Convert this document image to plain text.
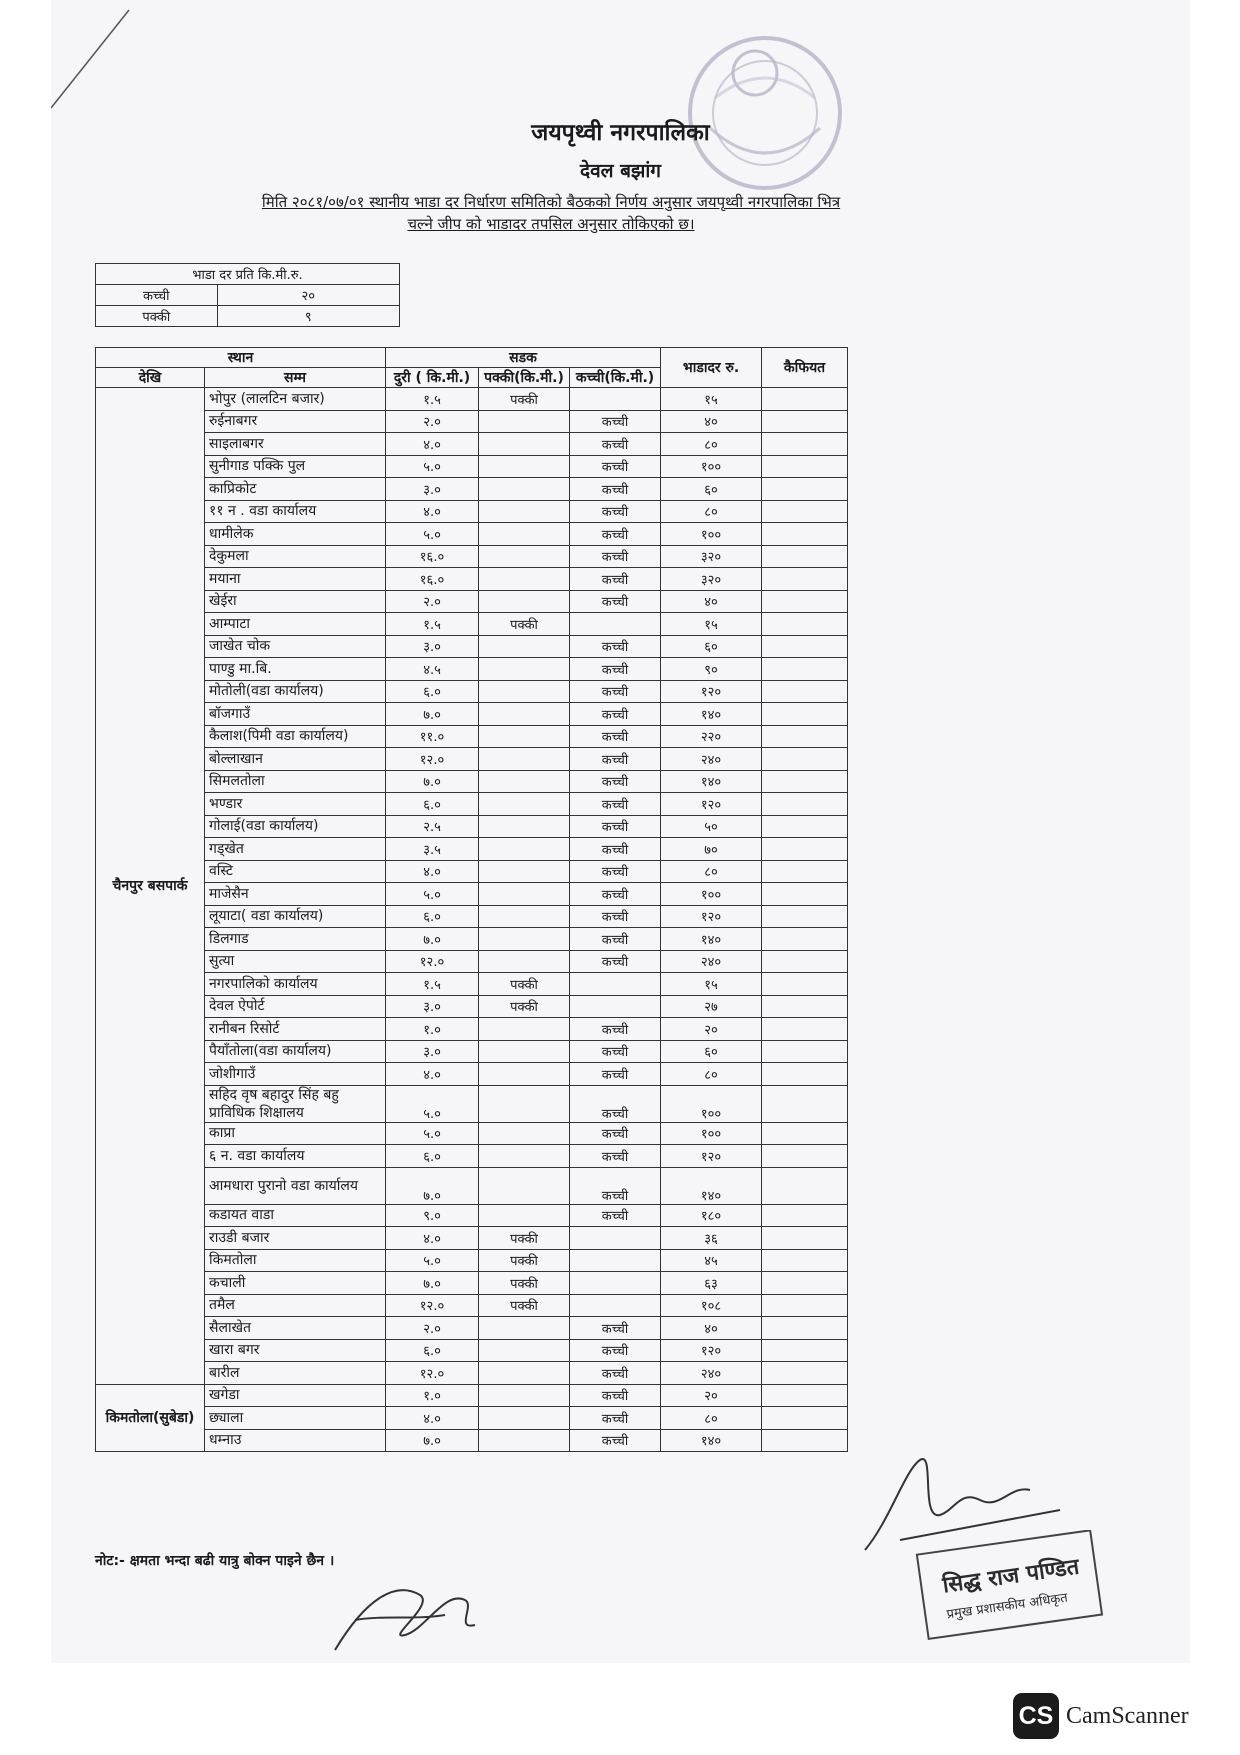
जयपृथ्वी नगरपालिका
देवल बझांग
मिति २०८१/०७/०१ स्थानीय भाडा दर निर्धारण समितिको बैठकको निर्णय अनुसार जयपृथ्वी नगरपालिका भित्र
चल्ने जीप को भाडादर तपसिल अनुसार तोकिएको छ।
भाडा दर प्रति कि.मी.रु.	
कच्ची	२०
पक्की	९
स्थान		सडक			भाडादर रु.	कैफियत
देखि	सम्म	दुरी ( कि.मी.)	पक्की(कि.मी.)	कच्ची(कि.मी.)		
चैनपुर बसपार्क	भोपुर (लालटिन बजार)	१.५	पक्की		१५	
	रुईनाबगर	२.०		कच्ची	४०	
	साइलाबगर	४.०		कच्ची	८०	
	सुनीगाड पक्कि पुल	५.०		कच्ची	१००	
	काप्रिकोट	३.०		कच्ची	६०	
	११ न . वडा कार्यालय	४.०		कच्ची	८०	
	धामीलेक	५.०		कच्ची	१००	
	देकुमला	१६.०		कच्ची	३२०	
	मयाना	१६.०		कच्ची	३२०	
	खेईरा	२.०		कच्ची	४०	
	आम्पाटा	१.५	पक्की		१५	
	जाखेत चोक	३.०		कच्ची	६०	
	पाण्डु मा.बि.	४.५		कच्ची	९०	
	मोतोली(वडा कार्यालय)	६.०		कच्ची	१२०	
	बॉजगाउँ	७.०		कच्ची	१४०	
	कैलाश(पिमी वडा कार्यालय)	११.०		कच्ची	२२०	
	बोल्लाखान	१२.०		कच्ची	२४०	
	सिमलतोला	७.०		कच्ची	१४०	
	भण्डार	६.०		कच्ची	१२०	
	गोलाई(वडा कार्यालय)	२.५		कच्ची	५०	
	गड्खेत	३.५		कच्ची	७०	
	वस्टि	४.०		कच्ची	८०	
	माजेसैन	५.०		कच्ची	१००	
	लूयाटा( वडा कार्यालय)	६.०		कच्ची	१२०	
	डिलगाड	७.०		कच्ची	१४०	
	सुत्या	१२.०		कच्ची	२४०	
	नगरपालिको कार्यालय	१.५	पक्की		१५	
	देवल ऐपोर्ट	३.०	पक्की		२७	
	रानीबन रिसोर्ट	१.०		कच्ची	२०	
	पैयाँतोला(वडा कार्यालय)	३.०		कच्ची	६०	
	जोशीगाउँ	४.०		कच्ची	८०	
	सहिद वृष बहादुर सिंह बहु प्राविधिक शिक्षालय	५.०		कच्ची	१००	
	काप्रा	५.०		कच्ची	१००	
	६ न. वडा कार्यालय	६.०		कच्ची	१२०	
	आमधारा पुरानो वडा कार्यालय	७.०		कच्ची	१४०	
	कडायत वाडा	९.०		कच्ची	१८०	
	राउडी बजार	४.०	पक्की		३६	
	किमतोला	५.०	पक्की		४५	
	कचाली	७.०	पक्की		६३	
	तमैल	१२.०	पक्की		१०८	
	सैलाखेत	२.०		कच्ची	४०	
	खारा बगर	६.०		कच्ची	१२०	
	बारील	१२.०		कच्ची	२४०	
किमतोला(सुबेडा)	खगेडा	१.०		कच्ची	२०	
	छ्याला	४.०		कच्ची	८०	
	धम्नाउ	७.०		कच्ची	१४०	
नोट:- क्षमता भन्दा बढी यात्रु बोक्न पाइने छैन ।	सिद्ध राज पण्डित
प्रमुख प्रशासकीय अधिकृत
CS CamScanner
